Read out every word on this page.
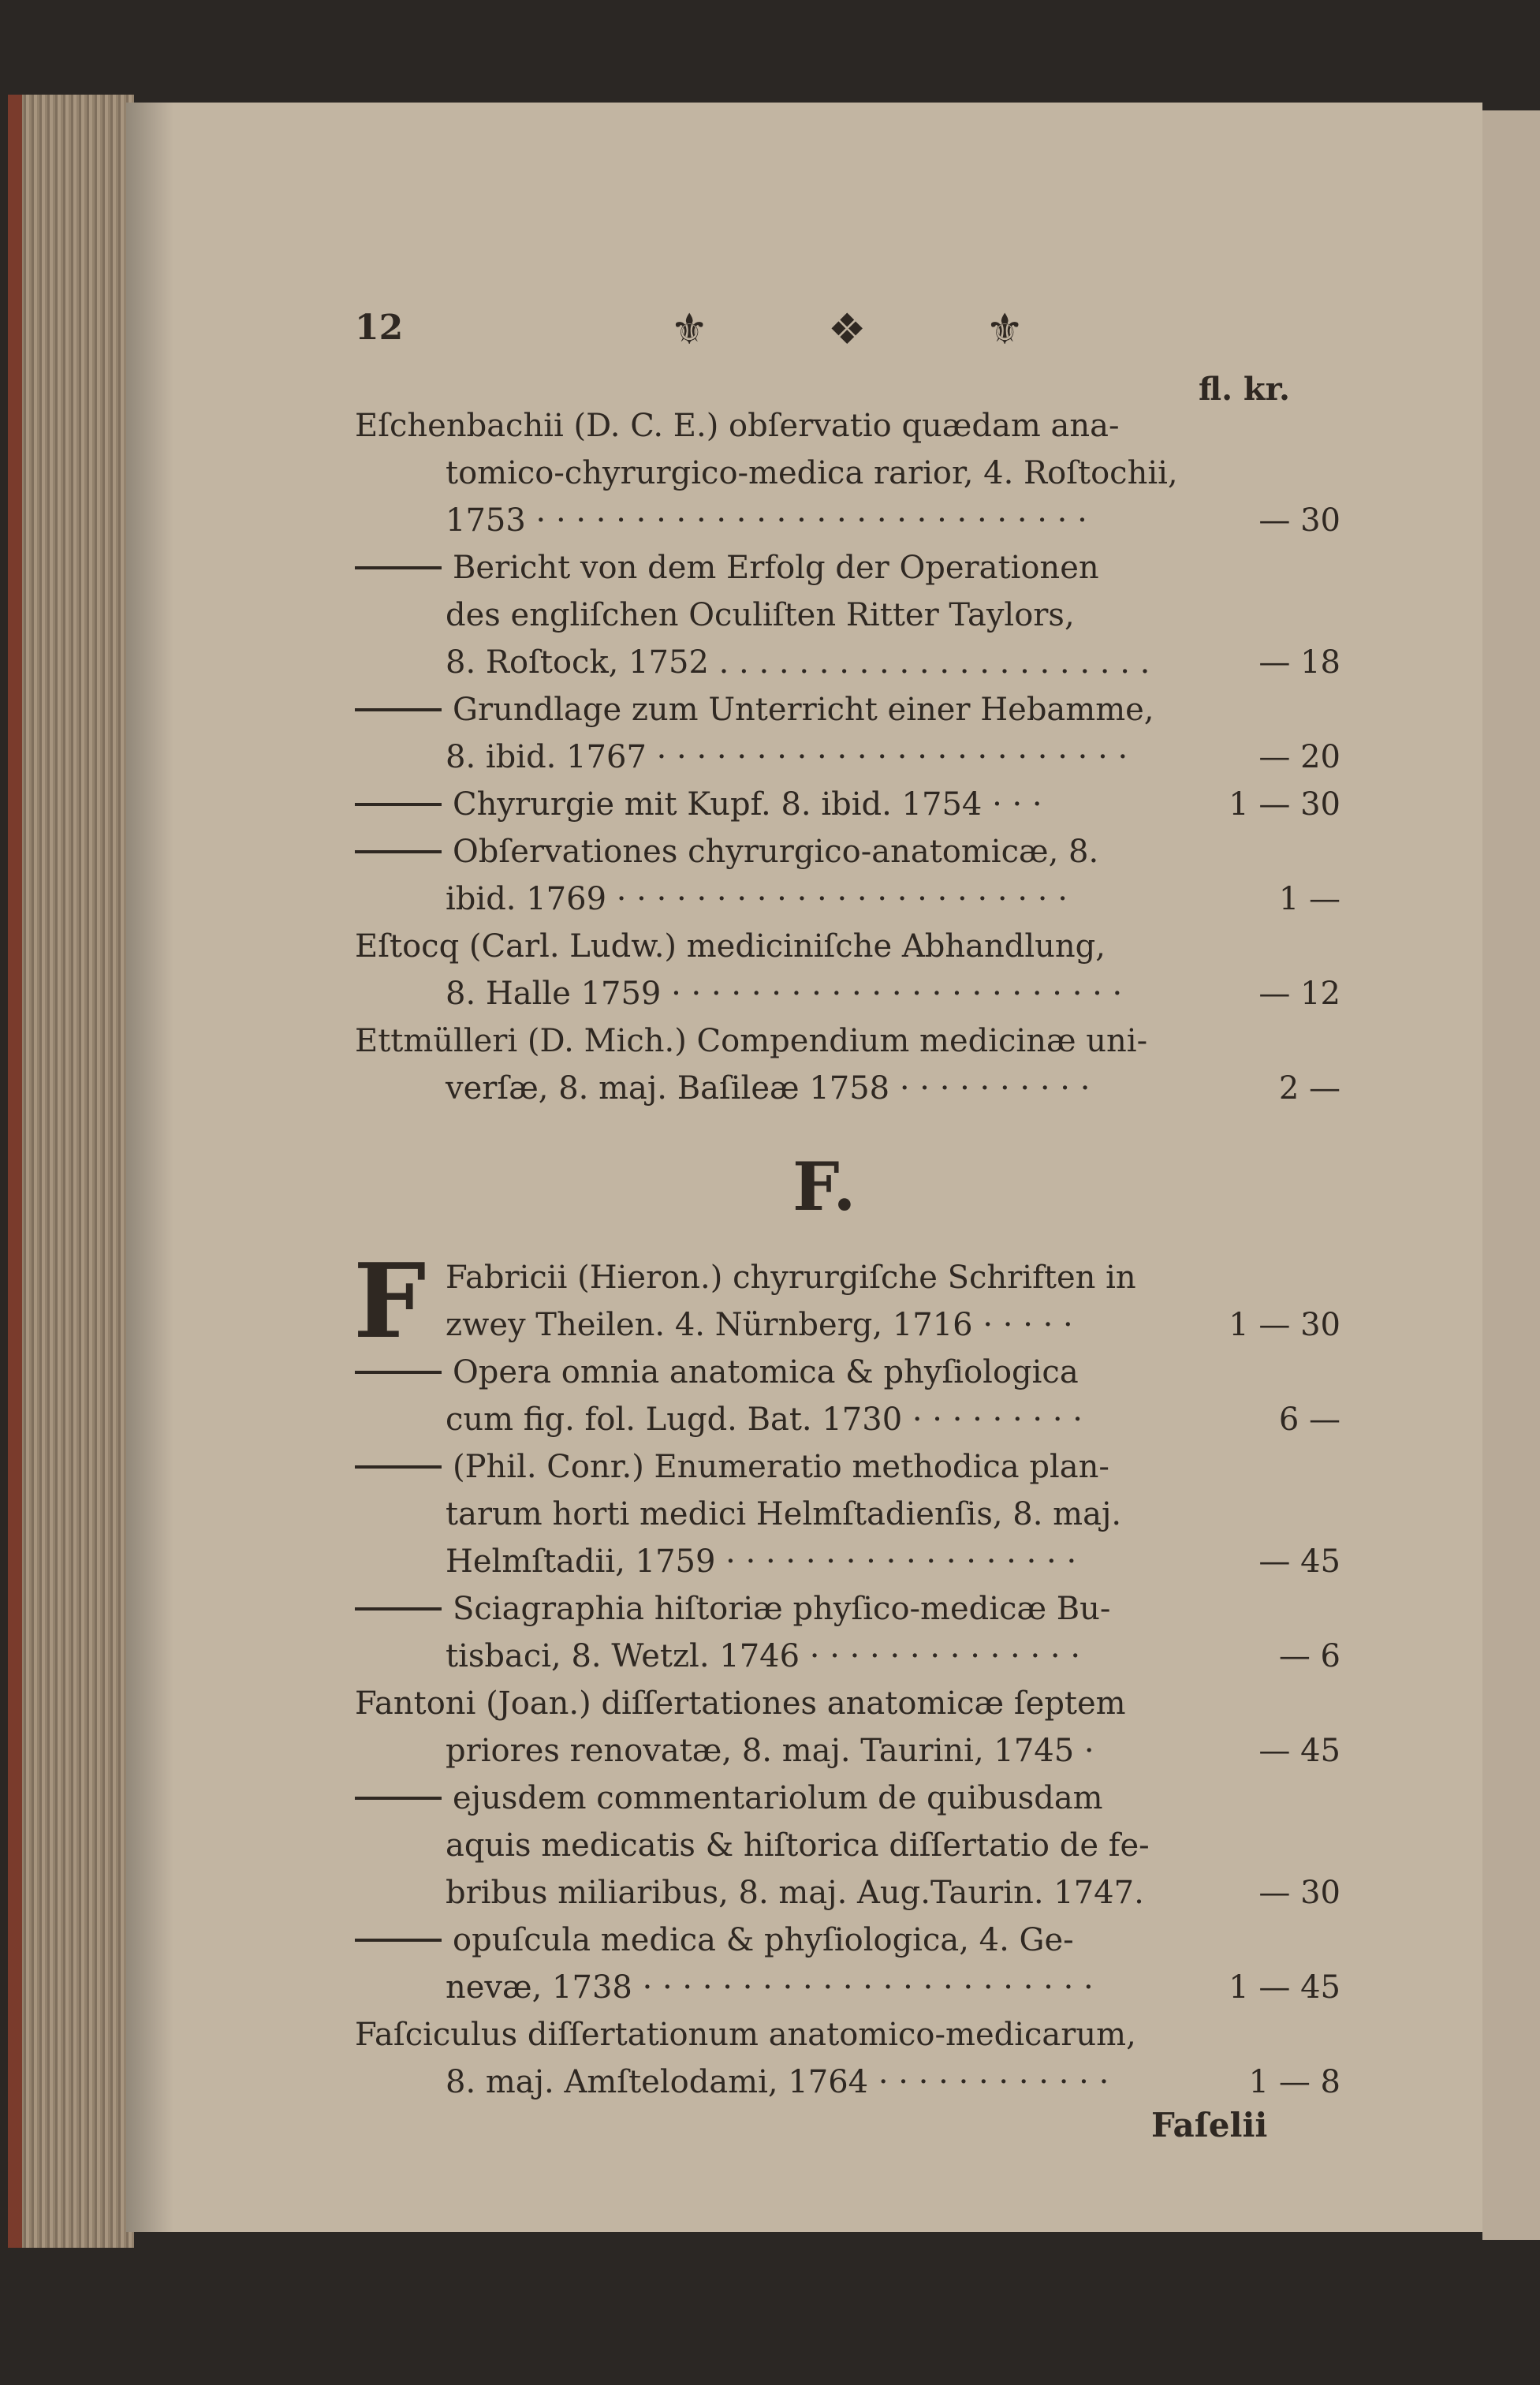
12	⚜	❖	⚜
fl. kr.
Eſchenbachii (D. C. E.) obſervatio quædam ana-
tomico-chyrurgico-medica rarior, 4. Roſtochii,
1753 · · · · · · · · · · · · · · · · · · · · · · · · · · · ·	— 30
Bericht von dem Erfolg der Operationen
des engliſchen Oculiſten Ritter Taylors,
8. Roſtock, 1752 . . . . . . . . . . . . . . . . . . . . . .	— 18
Grundlage zum Unterricht einer Hebamme,
8. ibid. 1767 · · · · · · · · · · · · · · · · · · · · · · · ·	— 20
Chyrurgie mit Kupf. 8. ibid. 1754 · · ·	1 — 30
Obſervationes chyrurgico-anatomicæ, 8.
ibid. 1769 · · · · · · · · · · · · · · · · · · · · · · ·	1 —
Eſtocq (Carl. Ludw.) mediciniſche Abhandlung,
8. Halle 1759 · · · · · · · · · · · · · · · · · · · · · · ·	— 12
Ettmülleri (D. Mich.) Compendium medicinæ uni-
verſæ, 8. maj. Baſileæ 1758 · · · · · · · · · ·	2 —
F.
F Fabricii (Hieron.) chyrurgiſche Schriften in
zwey Theilen. 4. Nürnberg, 1716 · · · · ·	1 — 30
Opera omnia anatomica & phyſiologica
cum fig. fol. Lugd. Bat. 1730 · · · · · · · · ·	6 —
(Phil. Conr.) Enumeratio methodica plan-
tarum horti medici Helmſtadienſis, 8. maj.
Helmſtadii, 1759 · · · · · · · · · · · · · · · · · ·	— 45
Sciagraphia hiſtoriæ phyſico-medicæ Bu-
tisbaci, 8. Wetzl. 1746 · · · · · · · · · · · · · ·	— 6
Fantoni (Joan.) diſſertationes anatomicæ ſeptem
priores renovatæ, 8. maj. Taurini, 1745 ·	— 45
ejusdem commentariolum de quibusdam
aquis medicatis & hiſtorica diſſertatio de fe-
bribus miliaribus, 8. maj. Aug.Taurin. 1747.	— 30
opuſcula medica & phyſiologica, 4. Ge-
nevæ, 1738 · · · · · · · · · · · · · · · · · · · · · · ·	1 — 45
Faſciculus diſſertationum anatomico-medicarum,
8. maj. Amſtelodami, 1764 · · · · · · · · · · · ·	1 — 8
Faſelii
